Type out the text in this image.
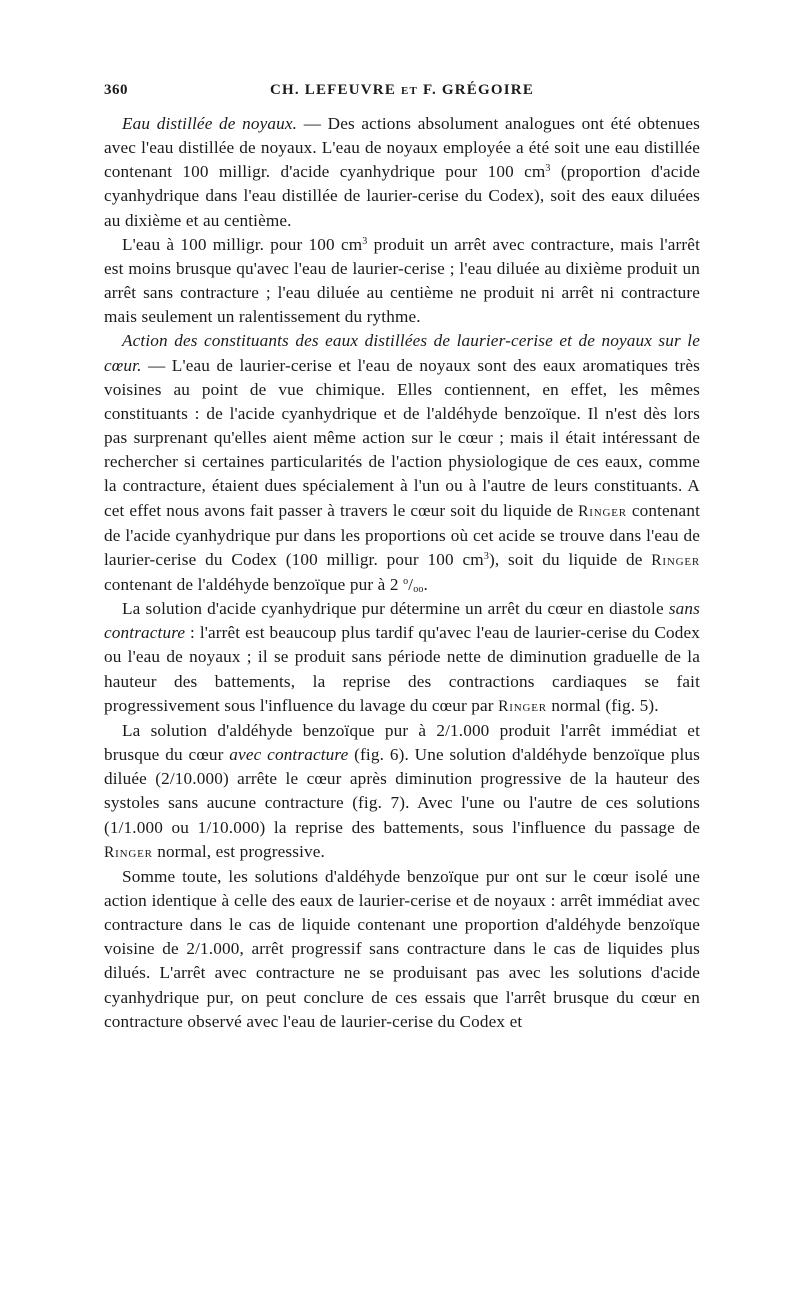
360	CH. LEFEUVRE et F. GRÉGOIRE

Eau distillée de noyaux. — Des actions absolument analogues ont été obtenues avec l'eau distillée de noyaux. L'eau de noyaux employée a été soit une eau distillée contenant 100 milligr. d'acide cyanhydrique pour 100 $cm^3$ (proportion d'acide cyanhydrique dans l'eau distillée de laurier-cerise du Codex), soit des eaux diluées au dixième et au centième.

L'eau à 100 milligr. pour 100 $cm^3$ produit un arrêt avec contracture, mais l'arrêt est moins brusque qu'avec l'eau de laurier-cerise ; l'eau diluée au dixième produit un arrêt sans contracture ; l'eau diluée au centième ne produit ni arrêt ni contracture mais seulement un ralentissement du rythme.

Action des constituants des eaux distillées de laurier-cerise et de noyaux sur le cœur. — L'eau de laurier-cerise et l'eau de noyaux sont des eaux aromatiques très voisines au point de vue chimique. Elles contiennent, en effet, les mêmes constituants : de l'acide cyanhydrique et de l'aldéhyde benzoïque. Il n'est dès lors pas surprenant qu'elles aient même action sur le cœur ; mais il était intéressant de rechercher si certaines particularités de l'action physiologique de ces eaux, comme la contracture, étaient dues spécialement à l'un ou à l'autre de leurs constituants. A cet effet nous avons fait passer à travers le cœur soit du liquide de Ringer contenant de l'acide cyanhydrique pur dans les proportions où cet acide se trouve dans l'eau de laurier-cerise du Codex (100 milligr. pour 100 $cm^3$), soit du liquide de Ringer contenant de l'aldéhyde benzoïque pur à 2 $^o/_{oo}$.

La solution d'acide cyanhydrique pur détermine un arrêt du cœur en diastole sans contracture : l'arrêt est beaucoup plus tardif qu'avec l'eau de laurier-cerise du Codex ou l'eau de noyaux ; il se produit sans période nette de diminution graduelle de la hauteur des battements, la reprise des contractions cardiaques se fait progressivement sous l'influence du lavage du cœur par Ringer normal (fig. 5).

La solution d'aldéhyde benzoïque pur à 2/1.000 produit l'arrêt immédiat et brusque du cœur avec contracture (fig. 6). Une solution d'aldéhyde benzoïque plus diluée (2/10.000) arrête le cœur après diminution progressive de la hauteur des systoles sans aucune contracture (fig. 7). Avec l'une ou l'autre de ces solutions (1/1.000 ou 1/10.000) la reprise des battements, sous l'influence du passage de Ringer normal, est progressive.

Somme toute, les solutions d'aldéhyde benzoïque pur ont sur le cœur isolé une action identique à celle des eaux de laurier-cerise et de noyaux : arrêt immédiat avec contracture dans le cas de liquide contenant une proportion d'aldéhyde benzoïque voisine de 2/1.000, arrêt progressif sans contracture dans le cas de liquides plus dilués. L'arrêt avec contracture ne se produisant pas avec les solutions d'acide cyanhydrique pur, on peut conclure de ces essais que l'arrêt brusque du cœur en contracture observé avec l'eau de laurier-cerise du Codex et
